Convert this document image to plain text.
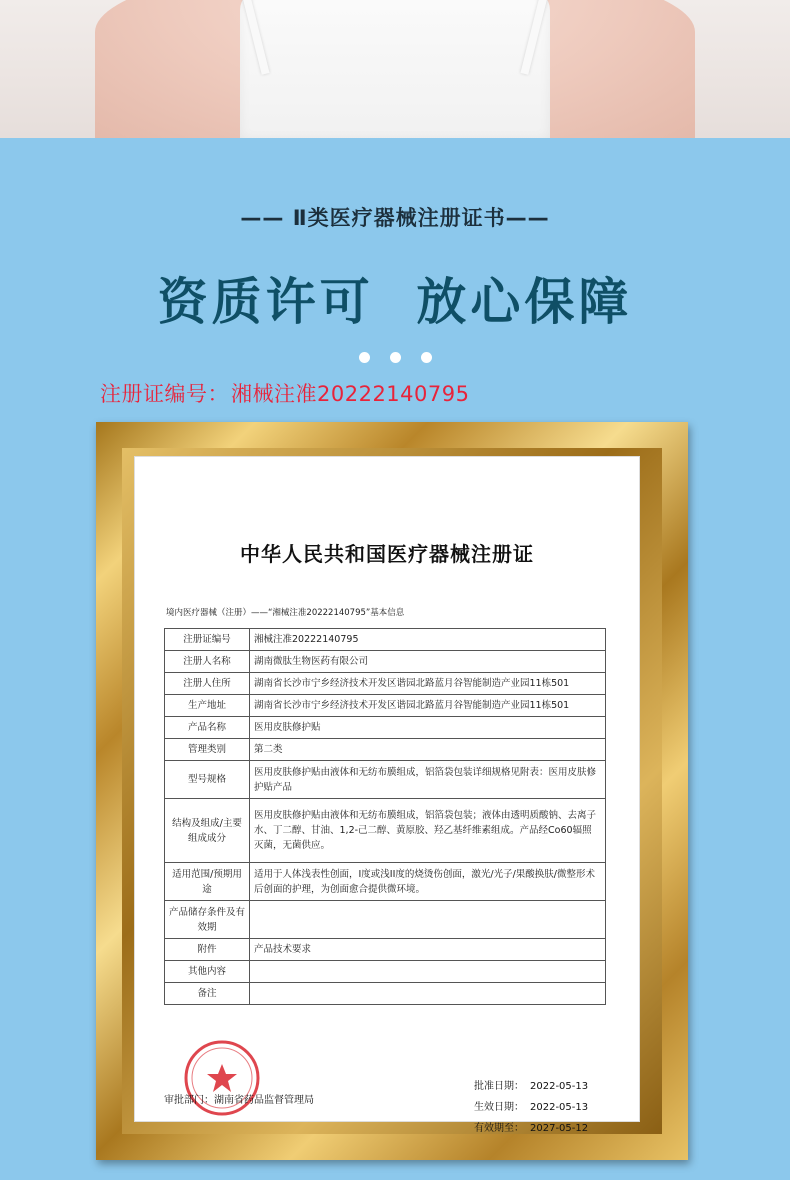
—— Ⅱ类医疗器械注册证书——
资质许可  放心保障
注册证编号：湘械注准20222140795
中华人民共和国医疗器械注册证
境内医疗器械（注册）——“湘械注准20222140795”基本信息
注册证编号	湘械注准20222140795
注册人名称	湖南微肽生物医药有限公司
注册人住所	湖南省长沙市宁乡经济技术开发区谐园北路蓝月谷智能制造产业园11栋501
生产地址	湖南省长沙市宁乡经济技术开发区谐园北路蓝月谷智能制造产业园11栋501
产品名称	医用皮肤修护贴
管理类别	第二类
型号规格	医用皮肤修护贴由液体和无纺布膜组成，铝箔袋包装详细规格见附表：医用皮肤修护贴产品
结构及组成/主要组成成分	医用皮肤修护贴由液体和无纺布膜组成，铝箔袋包装；液体由透明质酸钠、去离子水、丁二醇、甘油、1,2-己二醇、黄原胶、羟乙基纤维素组成。产品经Co60辐照灭菌，无菌供应。
适用范围/预期用途	适用于人体浅表性创面，I度或浅II度的烧烫伤创面，激光/光子/果酸换肤/微整形术后创面的护理，为创面愈合提供微环境。
产品储存条件及有效期	
附件	产品技术要求
其他内容	
备注	
审批部门：湖南省药品监督管理局
批准日期： 2022-05-13
生效日期： 2022-05-13
有效期至： 2027-05-12
